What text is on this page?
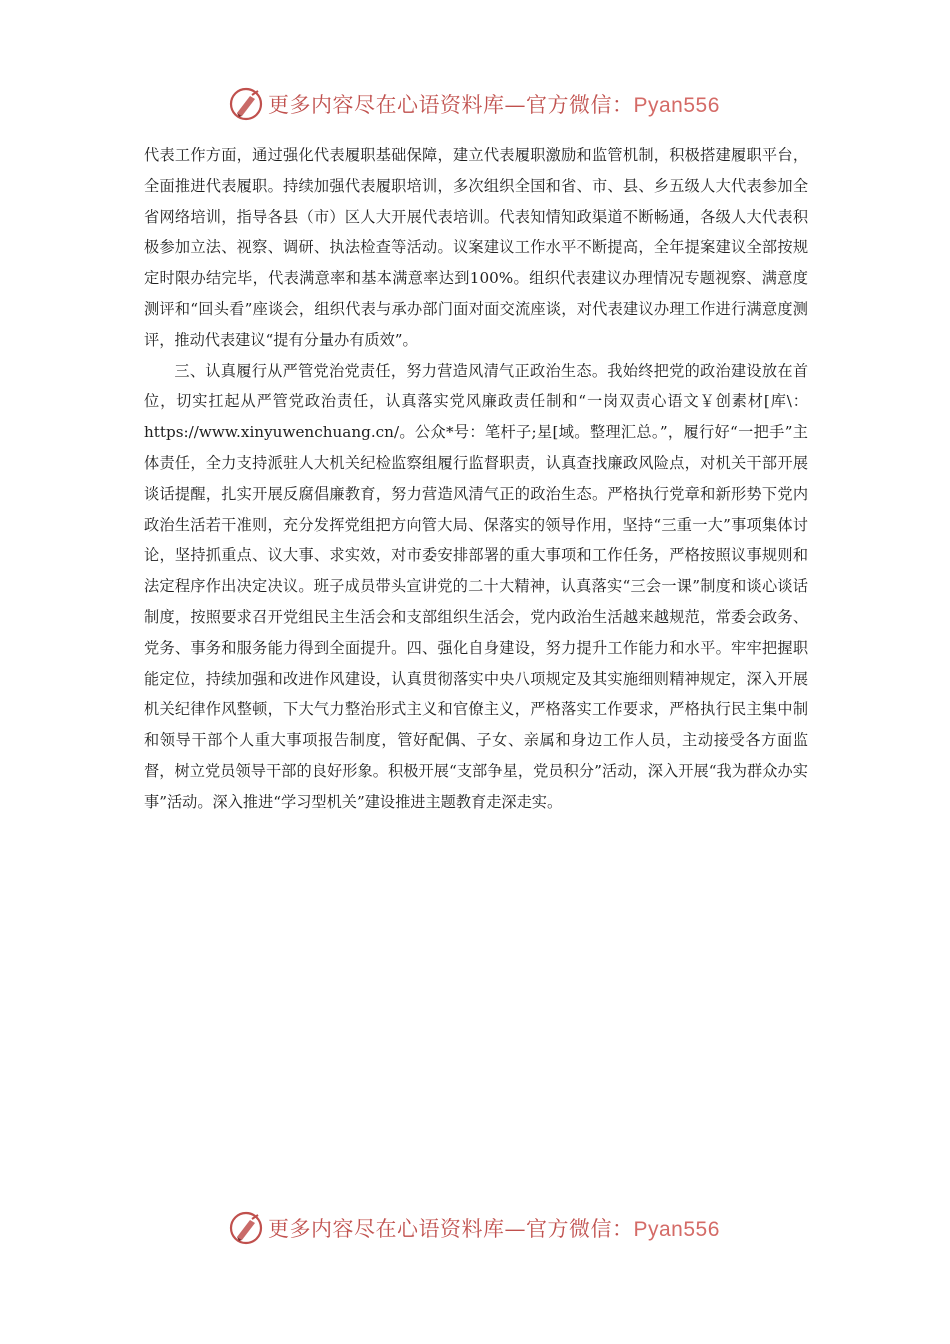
更多内容尽在心语资料库—官方微信：Pyan556

代表工作方面，通过强化代表履职基础保障，建立代表履职激励和监管机制，积极搭建履职平台，全面推进代表履职。持续加强代表履职培训，多次组织全国和省、市、县、乡五级人大代表参加全省网络培训，指导各县（市）区人大开展代表培训。代表知情知政渠道不断畅通，各级人大代表积极参加立法、视察、调研、执法检查等活动。议案建议工作水平不断提高，全年提案建议全部按规定时限办结完毕，代表满意率和基本满意率达到100%。组织代表建议办理情况专题视察、满意度测评和“回头看”座谈会，组织代表与承办部门面对面交流座谈，对代表建议办理工作进行满意度测评，推动代表建议“提有分量办有质效”。

三、认真履行从严管党治党责任，努力营造风清气正政治生态。我始终把党的政治建设放在首位，切实扛起从严管党政治责任，认真落实党风廉政责任制和“一岗双责心语文￥创素材[库\：https://www.xinyuwenchuang.cn/。公众*号：笔杆子;星[域。整理汇总。”，履行好“一把手”主体责任，全力支持派驻人大机关纪检监察组履行监督职责，认真查找廉政风险点，对机关干部开展谈话提醒，扎实开展反腐倡廉教育，努力营造风清气正的政治生态。严格执行党章和新形势下党内政治生活若干准则，充分发挥党组把方向管大局、保落实的领导作用，坚持“三重一大”事项集体讨论，坚持抓重点、议大事、求实效，对市委安排部署的重大事项和工作任务，严格按照议事规则和法定程序作出决定决议。班子成员带头宣讲党的二十大精神，认真落实“三会一课”制度和谈心谈话制度，按照要求召开党组民主生活会和支部组织生活会，党内政治生活越来越规范，常委会政务、党务、事务和服务能力得到全面提升。四、强化自身建设，努力提升工作能力和水平。牢牢把握职能定位，持续加强和改进作风建设，认真贯彻落实中央八项规定及其实施细则精神规定，深入开展机关纪律作风整顿，下大气力整治形式主义和官僚主义，严格落实工作要求，严格执行民主集中制和领导干部个人重大事项报告制度，管好配偶、子女、亲属和身边工作人员，主动接受各方面监督，树立党员领导干部的良好形象。积极开展“支部争星，党员积分”活动，深入开展“我为群众办实事”活动。深入推进“学习型机关”建设推进主题教育走深走实。

更多内容尽在心语资料库—官方微信：Pyan556
